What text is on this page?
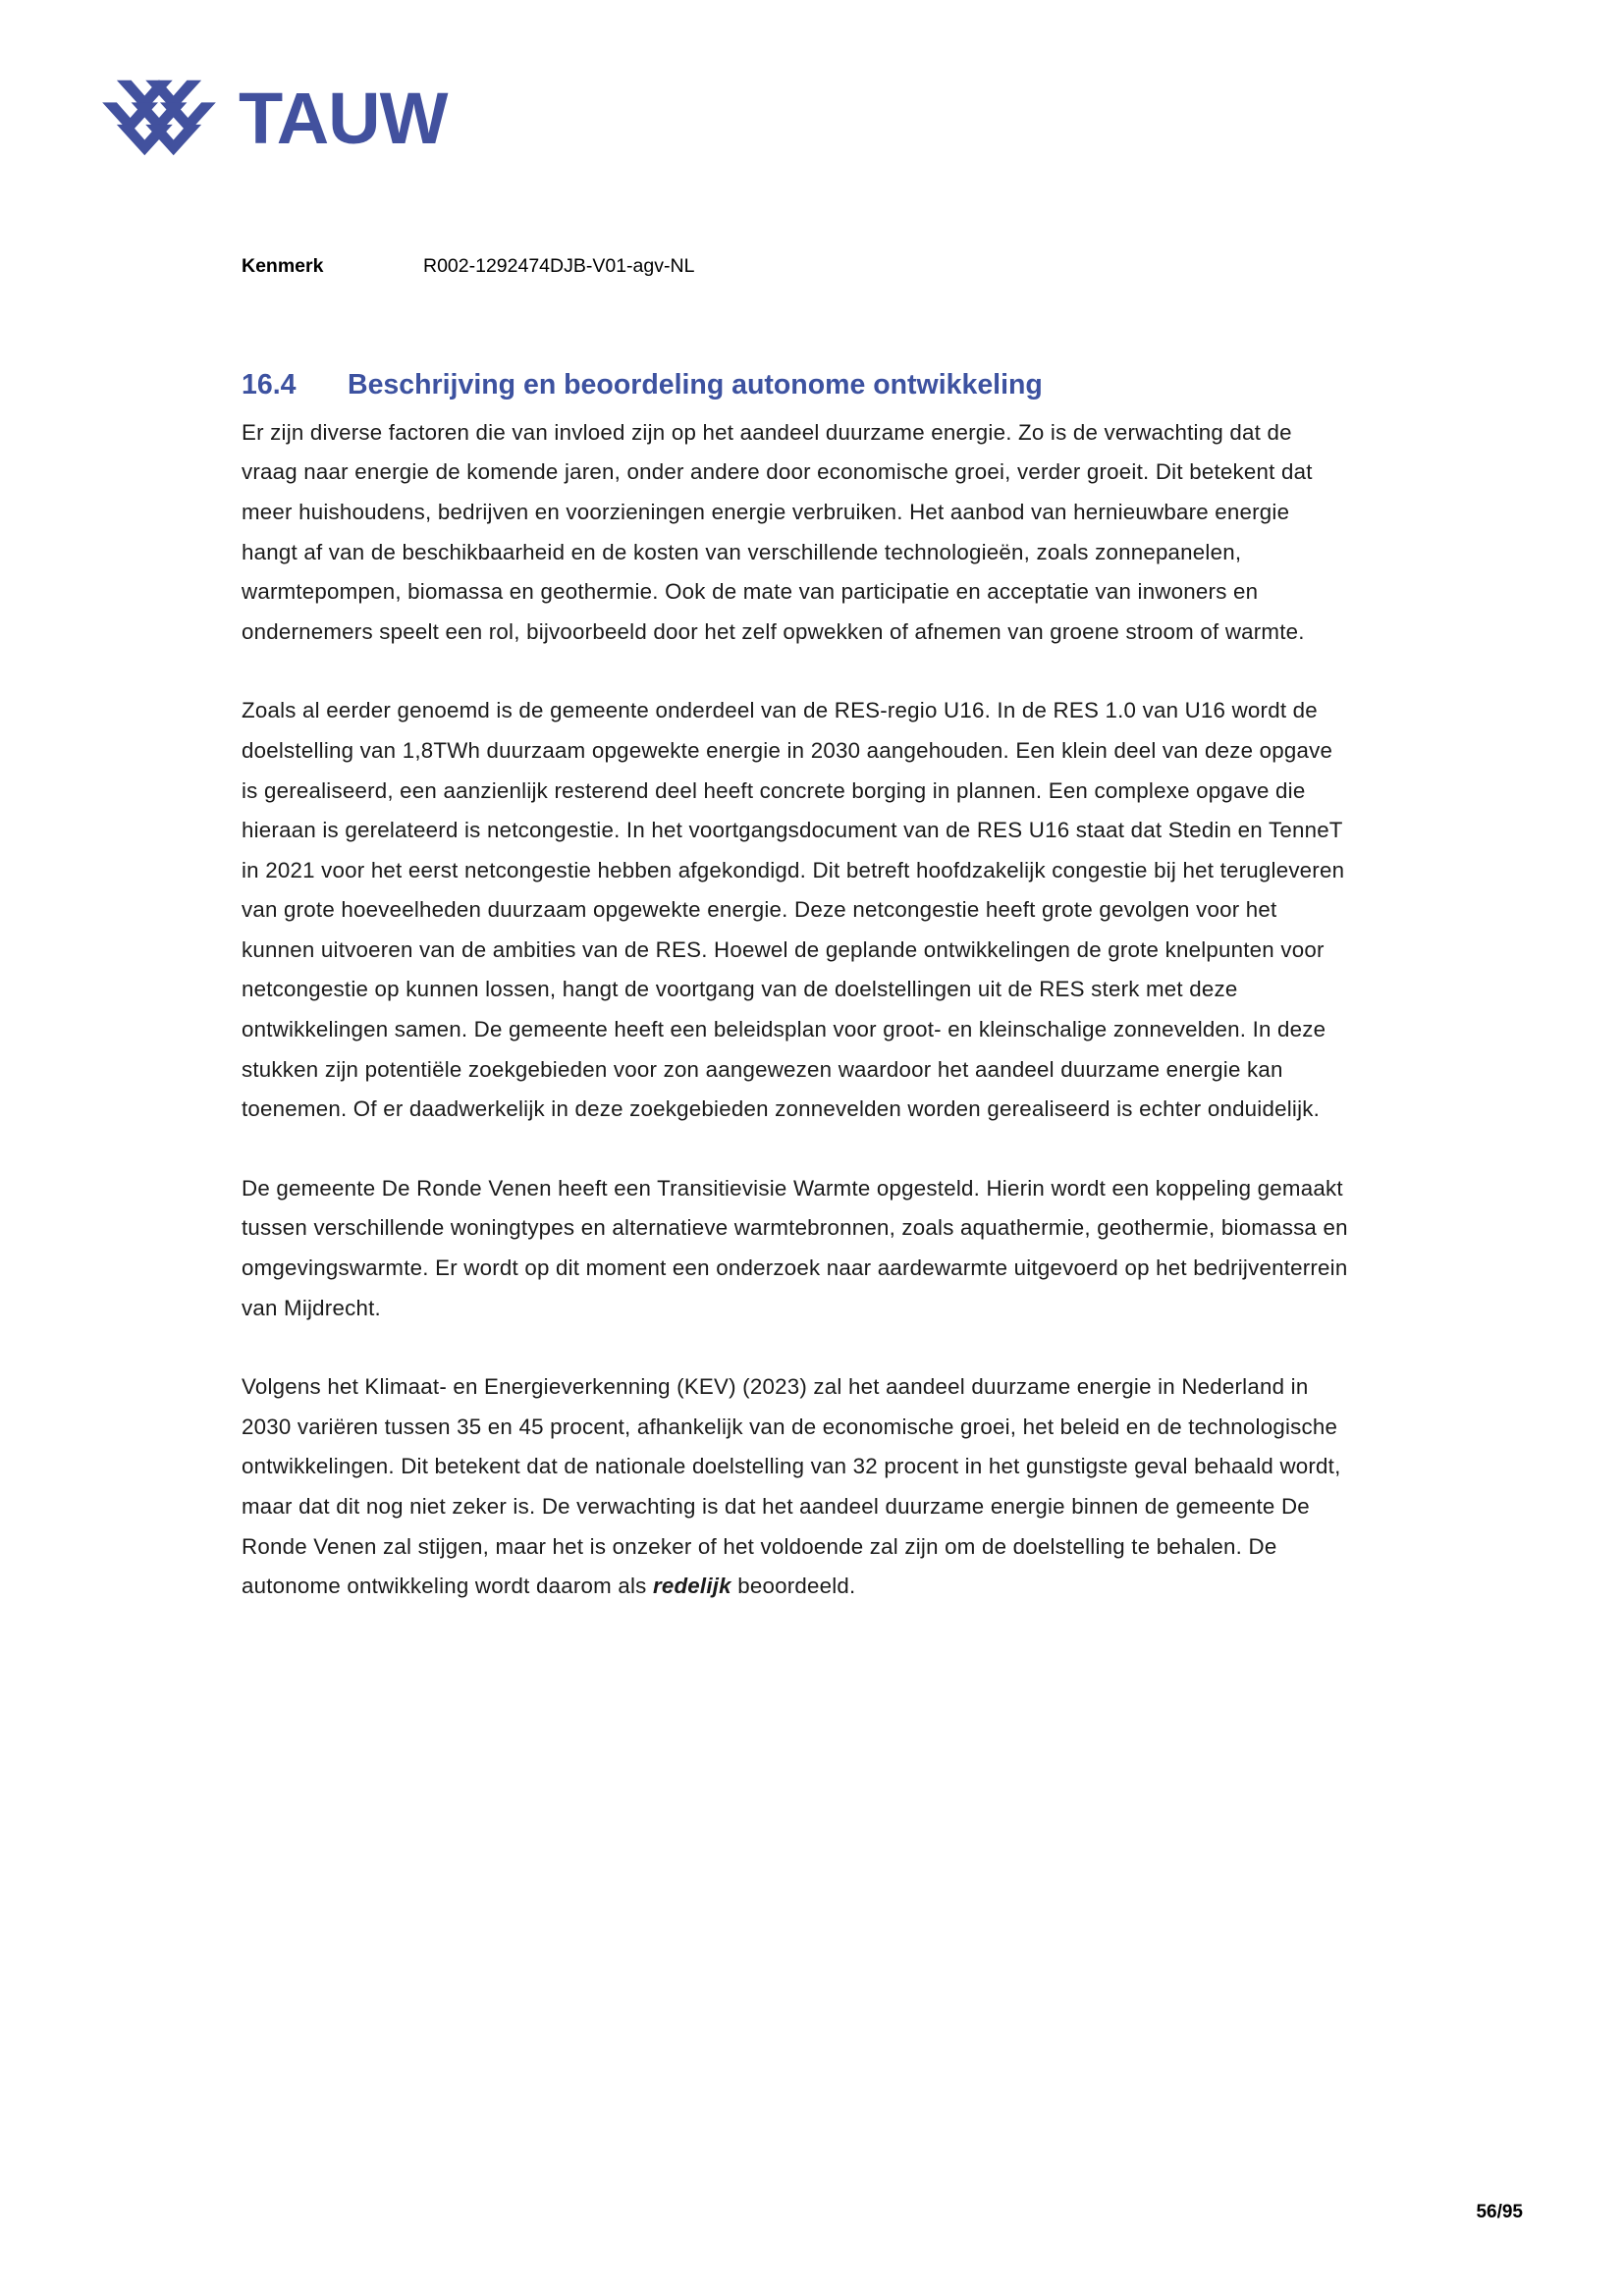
TAUW
Kenmerk	R002-1292474DJB-V01-agv-NL
16.4	Beschrijving en beoordeling autonome ontwikkeling

Er zijn diverse factoren die van invloed zijn op het aandeel duurzame energie. Zo is de verwachting dat de vraag naar energie de komende jaren, onder andere door economische groei, verder groeit. Dit betekent dat meer huishoudens, bedrijven en voorzieningen energie verbruiken. Het aanbod van hernieuwbare energie hangt af van de beschikbaarheid en de kosten van verschillende technologieën, zoals zonnepanelen, warmtepompen, biomassa en geothermie. Ook de mate van participatie en acceptatie van inwoners en ondernemers speelt een rol, bijvoorbeeld door het zelf opwekken of afnemen van groene stroom of warmte.

Zoals al eerder genoemd is de gemeente onderdeel van de RES-regio U16. In de RES 1.0 van U16 wordt de doelstelling van 1,8TWh duurzaam opgewekte energie in 2030 aangehouden. Een klein deel van deze opgave is gerealiseerd, een aanzienlijk resterend deel heeft concrete borging in plannen. Een complexe opgave die hieraan is gerelateerd is netcongestie. In het voortgangsdocument van de RES U16 staat dat Stedin en TenneT in 2021 voor het eerst netcongestie hebben afgekondigd. Dit betreft hoofdzakelijk congestie bij het terugleveren van grote hoeveelheden duurzaam opgewekte energie. Deze netcongestie heeft grote gevolgen voor het kunnen uitvoeren van de ambities van de RES. Hoewel de geplande ontwikkelingen de grote knelpunten voor netcongestie op kunnen lossen, hangt de voortgang van de doelstellingen uit de RES sterk met deze ontwikkelingen samen. De gemeente heeft een beleidsplan voor groot- en kleinschalige zonnevelden. In deze stukken zijn potentiële zoekgebieden voor zon aangewezen waardoor het aandeel duurzame energie kan toenemen. Of er daadwerkelijk in deze zoekgebieden zonnevelden worden gerealiseerd is echter onduidelijk.

De gemeente De Ronde Venen heeft een Transitievisie Warmte opgesteld. Hierin wordt een koppeling gemaakt tussen verschillende woningtypes en alternatieve warmtebronnen, zoals aquathermie, geothermie, biomassa en omgevingswarmte. Er wordt op dit moment een onderzoek naar aardewarmte uitgevoerd op het bedrijventerrein van Mijdrecht.

Volgens het Klimaat- en Energieverkenning (KEV) (2023) zal het aandeel duurzame energie in Nederland in 2030 variëren tussen 35 en 45 procent, afhankelijk van de economische groei, het beleid en de technologische ontwikkelingen. Dit betekent dat de nationale doelstelling van 32 procent in het gunstigste geval behaald wordt, maar dat dit nog niet zeker is. De verwachting is dat het aandeel duurzame energie binnen de gemeente De Ronde Venen zal stijgen, maar het is onzeker of het voldoende zal zijn om de doelstelling te behalen. De autonome ontwikkeling wordt daarom als redelijk beoordeeld.

56/95
